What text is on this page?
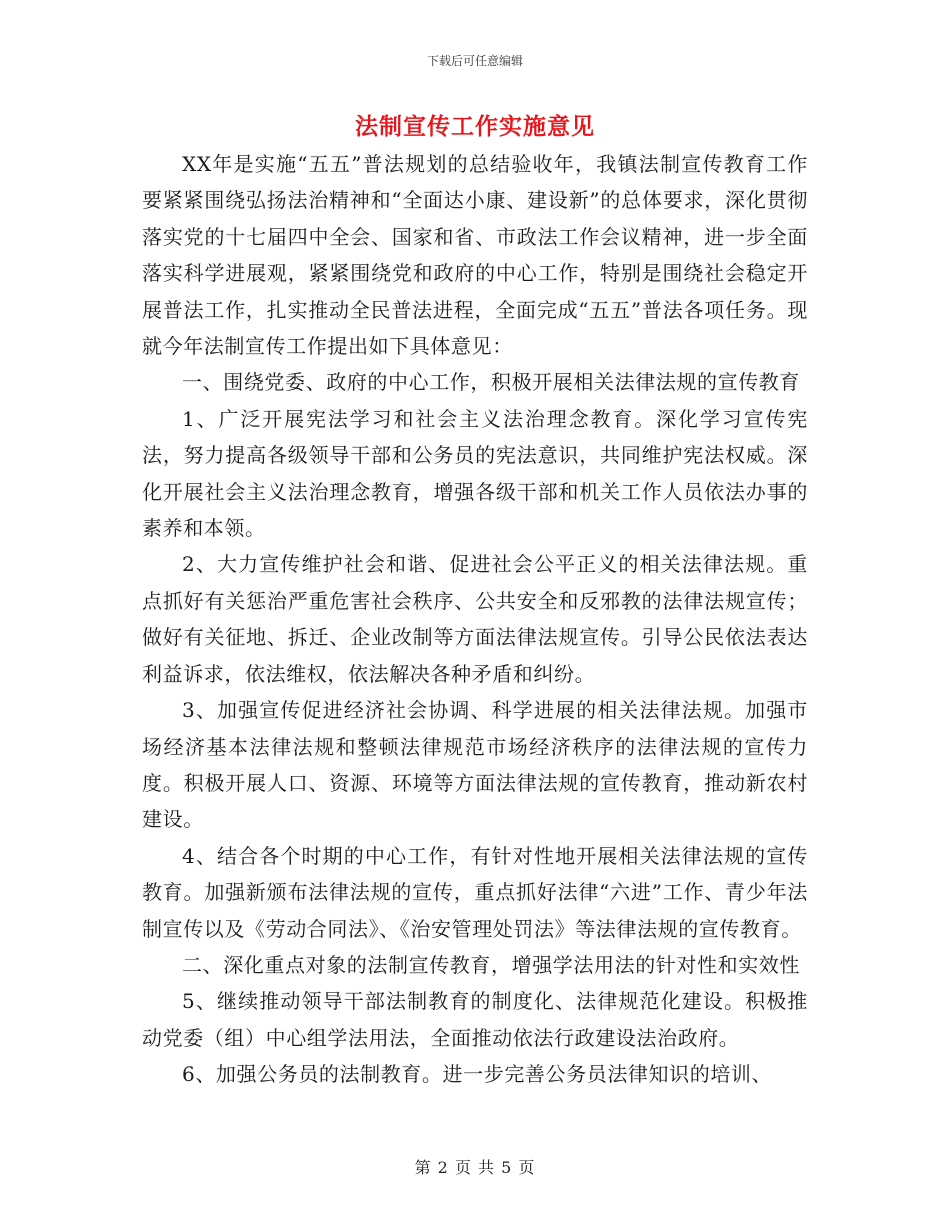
下载后可任意编辑
法制宣传工作实施意见

XX年是实施“五五”普法规划的总结验收年，我镇法制宣传教育工作要紧紧围绕弘扬法治精神和“全面达小康、建设新”的总体要求，深化贯彻落实党的十七届四中全会、国家和省、市政法工作会议精神，进一步全面落实科学进展观，紧紧围绕党和政府的中心工作，特别是围绕社会稳定开展普法工作，扎实推动全民普法进程，全面完成“五五”普法各项任务。现就今年法制宣传工作提出如下具体意见：

一、围绕党委、政府的中心工作，积极开展相关法律法规的宣传教育

1、广泛开展宪法学习和社会主义法治理念教育。深化学习宣传宪法，努力提高各级领导干部和公务员的宪法意识，共同维护宪法权威。深化开展社会主义法治理念教育，增强各级干部和机关工作人员依法办事的素养和本领。

2、大力宣传维护社会和谐、促进社会公平正义的相关法律法规。重点抓好有关惩治严重危害社会秩序、公共安全和反邪教的法律法规宣传；做好有关征地、拆迁、企业改制等方面法律法规宣传。引导公民依法表达利益诉求，依法维权，依法解决各种矛盾和纠纷。

3、加强宣传促进经济社会协调、科学进展的相关法律法规。加强市场经济基本法律法规和整顿法律规范市场经济秩序的法律法规的宣传力度。积极开展人口、资源、环境等方面法律法规的宣传教育，推动新农村建设。

4、结合各个时期的中心工作，有针对性地开展相关法律法规的宣传教育。加强新颁布法律法规的宣传，重点抓好法律“六进”工作、青少年法制宣传以及《劳动合同法》、《治安管理处罚法》等法律法规的宣传教育。

二、深化重点对象的法制宣传教育，增强学法用法的针对性和实效性

5、继续推动领导干部法制教育的制度化、法律规范化建设。积极推动党委（组）中心组学法用法，全面推动依法行政建设法治政府。

6、加强公务员的法制教育。进一步完善公务员法律知识的培训、

第 2 页 共 5 页
